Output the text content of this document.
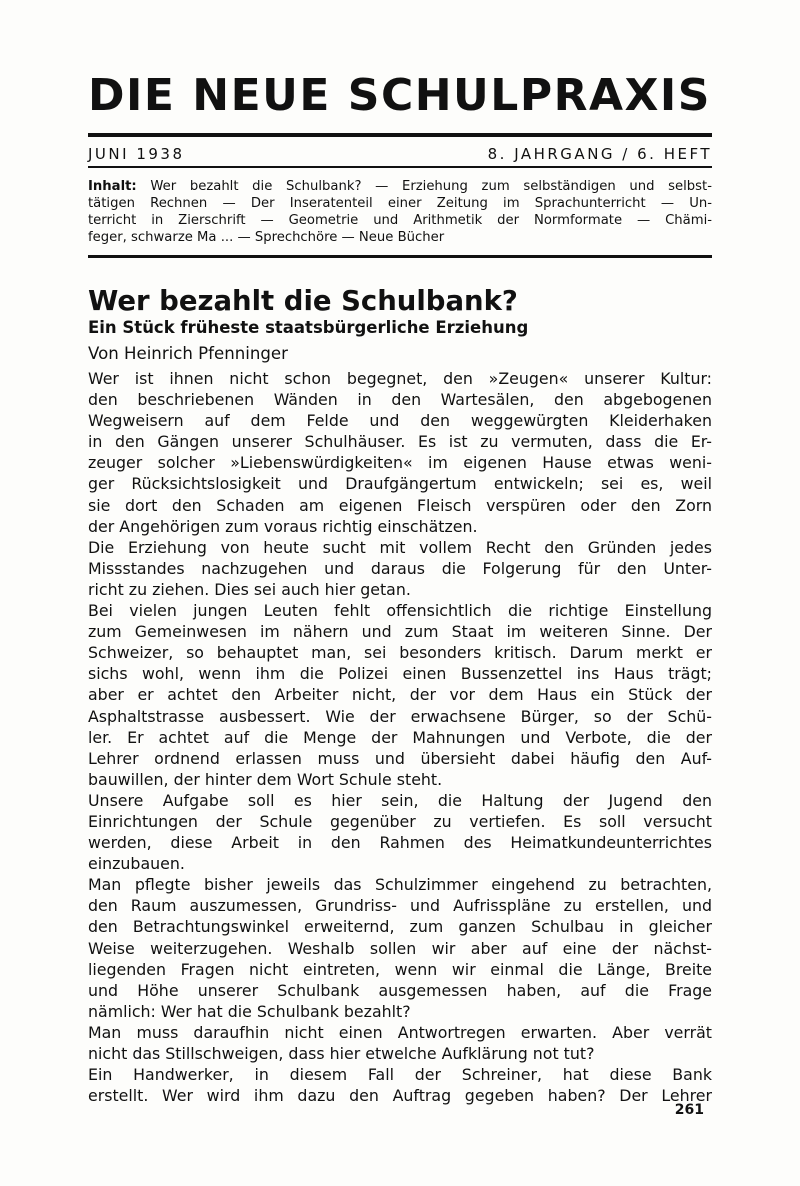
DIE NEUE SCHULPRAXIS
JUNI 1938	8. JAHRGANG / 6. HEFT
Inhalt: Wer bezahlt die Schulbank? — Erziehung zum selbständigen und selbst-
tätigen Rechnen — Der Inseratenteil einer Zeitung im Sprachunterricht — Un-
terricht in Zierschrift — Geometrie und Arithmetik der Normformate — Chämi-
feger, schwarze Ma ... — Sprechchöre — Neue Bücher
Wer bezahlt die Schulbank?
Ein Stück früheste staatsbürgerliche Erziehung
Von Heinrich Pfenninger
Wer ist ihnen nicht schon begegnet, den »Zeugen« unserer Kultur:
den beschriebenen Wänden in den Wartesälen, den abgebogenen
Wegweisern auf dem Felde und den weggewürgten Kleiderhaken
in den Gängen unserer Schulhäuser. Es ist zu vermuten, dass die Er-
zeuger solcher »Liebenswürdigkeiten« im eigenen Hause etwas weni-
ger Rücksichtslosigkeit und Draufgängertum entwickeln; sei es, weil
sie dort den Schaden am eigenen Fleisch verspüren oder den Zorn
der Angehörigen zum voraus richtig einschätzen.
Die Erziehung von heute sucht mit vollem Recht den Gründen jedes
Missstandes nachzugehen und daraus die Folgerung für den Unter-
richt zu ziehen. Dies sei auch hier getan.
Bei vielen jungen Leuten fehlt offensichtlich die richtige Einstellung
zum Gemeinwesen im nähern und zum Staat im weiteren Sinne. Der
Schweizer, so behauptet man, sei besonders kritisch. Darum merkt er
sichs wohl, wenn ihm die Polizei einen Bussenzettel ins Haus trägt;
aber er achtet den Arbeiter nicht, der vor dem Haus ein Stück der
Asphaltstrasse ausbessert. Wie der erwachsene Bürger, so der Schü-
ler. Er achtet auf die Menge der Mahnungen und Verbote, die der
Lehrer ordnend erlassen muss und übersieht dabei häufig den Auf-
bauwillen, der hinter dem Wort Schule steht.
Unsere Aufgabe soll es hier sein, die Haltung der Jugend den
Einrichtungen der Schule gegenüber zu vertiefen. Es soll versucht
werden, diese Arbeit in den Rahmen des Heimatkundeunterrichtes
einzubauen.
Man pflegte bisher jeweils das Schulzimmer eingehend zu betrachten,
den Raum auszumessen, Grundriss- und Aufrisspläne zu erstellen, und
den Betrachtungswinkel erweiternd, zum ganzen Schulbau in gleicher
Weise weiterzugehen. Weshalb sollen wir aber auf eine der nächst-
liegenden Fragen nicht eintreten, wenn wir einmal die Länge, Breite
und Höhe unserer Schulbank ausgemessen haben, auf die Frage
nämlich: Wer hat die Schulbank bezahlt?
Man muss daraufhin nicht einen Antwortregen erwarten. Aber verrät
nicht das Stillschweigen, dass hier etwelche Aufklärung not tut?
Ein Handwerker, in diesem Fall der Schreiner, hat diese Bank
erstellt. Wer wird ihm dazu den Auftrag gegeben haben? Der Lehrer
261
